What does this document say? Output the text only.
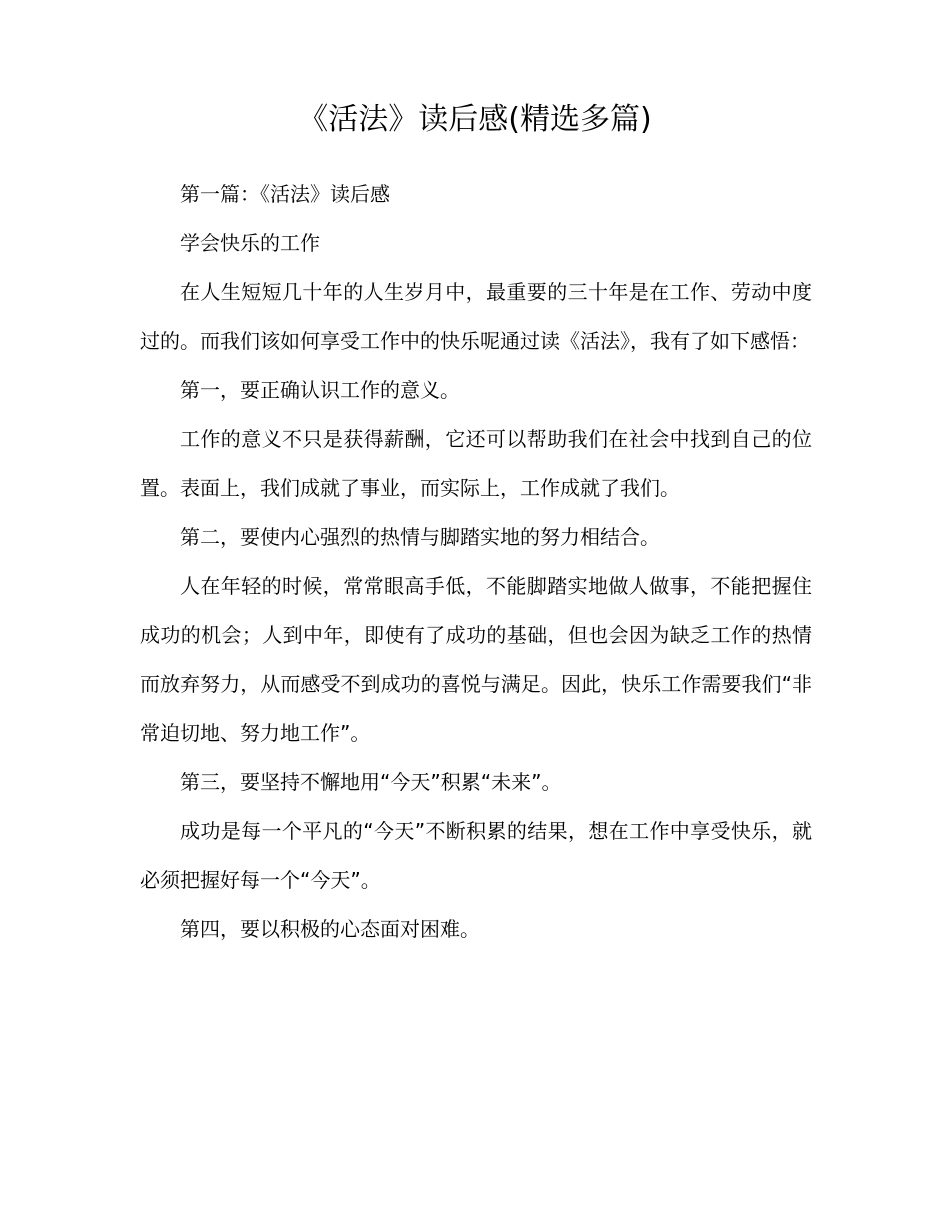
《活法》读后感(精选多篇)

第一篇：《活法》读后感

学会快乐的工作

在人生短短几十年的人生岁月中，最重要的三十年是在工作、劳动中度过的。而我们该如何享受工作中的快乐呢通过读《活法》，我有了如下感悟：

第一，要正确认识工作的意义。

工作的意义不只是获得薪酬，它还可以帮助我们在社会中找到自己的位置。表面上，我们成就了事业，而实际上，工作成就了我们。

第二，要使内心强烈的热情与脚踏实地的努力相结合。

人在年轻的时候，常常眼高手低，不能脚踏实地做人做事，不能把握住成功的机会；人到中年，即使有了成功的基础，但也会因为缺乏工作的热情而放弃努力，从而感受不到成功的喜悦与满足。因此，快乐工作需要我们“非常迫切地、努力地工作”。

第三，要坚持不懈地用“今天”积累“未来”。

成功是每一个平凡的“今天”不断积累的结果，想在工作中享受快乐，就必须把握好每一个“今天”。

第四，要以积极的心态面对困难。
